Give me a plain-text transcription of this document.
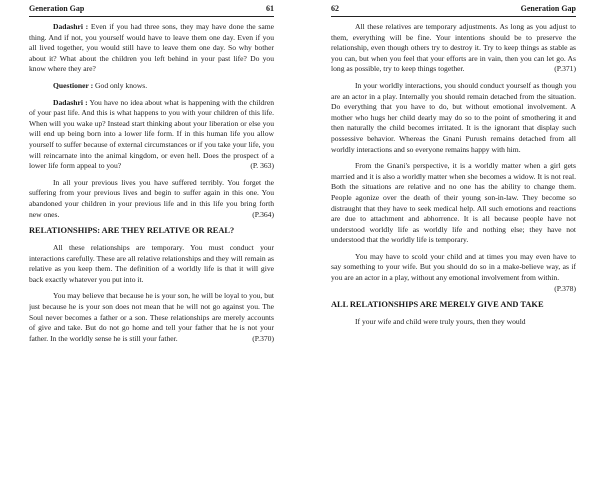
Generation Gap	61

Dadashri : Even if you had three sons, they may have done the same thing. And if not, you yourself would have to leave them one day. Even if you all lived together, you would still have to leave them one day. So why bother about it? What about the children you left behind in your past life? Do you know where they are?

Questioner : God only knows.

Dadashri : You have no idea about what is happening with the children of your past life. And this is what happens to you with your children of this life. When will you wake up? Instead start thinking about your liberation or else you will end up being born into a lower life form. If in this human life you allow yourself to suffer because of external circumstances or if you take your life, you will reincarnate into the animal kingdom, or even hell. Does the prospect of a lower life form appeal to you?	(P. 363)

In all your previous lives you have suffered terribly. You forget the suffering from your previous lives and begin to suffer again in this one. You abandoned your children in your previous life and in this life you bring forth new ones.	(P.364)

RELATIONSHIPS: ARE THEY RELATIVE OR REAL?

All these relationships are temporary. You must conduct your interactions carefully. These are all relative relationships and they will remain as relative as you keep them. The definition of a worldly life is that it will give back exactly whatever you put into it.

You may believe that because he is your son, he will be loyal to you, but just because he is your son does not mean that he will not go against you. The Soul never becomes a father or a son. These relationships are merely accounts of give and take. But do not go home and tell your father that he is not your father. In the worldly sense he is still your father.	(P.370)

62	Generation Gap

All these relatives are temporary adjustments. As long as you adjust to them, everything will be fine. Your intentions should be to preserve the relationship, even though others try to destroy it. Try to keep things as stable as you can, but when you feel that your efforts are in vain, then you can let go. As long as possible, try to keep things together.	(P.371)

In your worldly interactions, you should conduct yourself as though you are an actor in a play. Internally you should remain detached from the situation. Do everything that you have to do, but without emotional involvement. A mother who hugs her child dearly may do so to the point of smothering it and then naturally the child becomes irritated. It is the ignorant that display such possessive behavior. Whereas the Gnani Purush remains detached from all worldly interactions and so everyone remains happy with him.

From the Gnani's perspective, it is a worldly matter when a girl gets married and it is also a worldly matter when she becomes a widow. It is not real. Both the situations are relative and no one has the ability to change them. People agonize over the death of their young son-in-law. They become so distraught that they have to seek medical help. All such emotions and reactions are due to attachment and abhorrence. It is all because people have not understood worldly life as worldly life and nothing else; they have not understood that the worldly life is temporary.

You may have to scold your child and at times you may even have to say something to your wife. But you should do so in a make-believe way, as if you are an actor in a play, without any emotional involvement from within.
(P.378)

ALL RELATIONSHIPS ARE MERELY GIVE AND TAKE

If your wife and child were truly yours, then they would
